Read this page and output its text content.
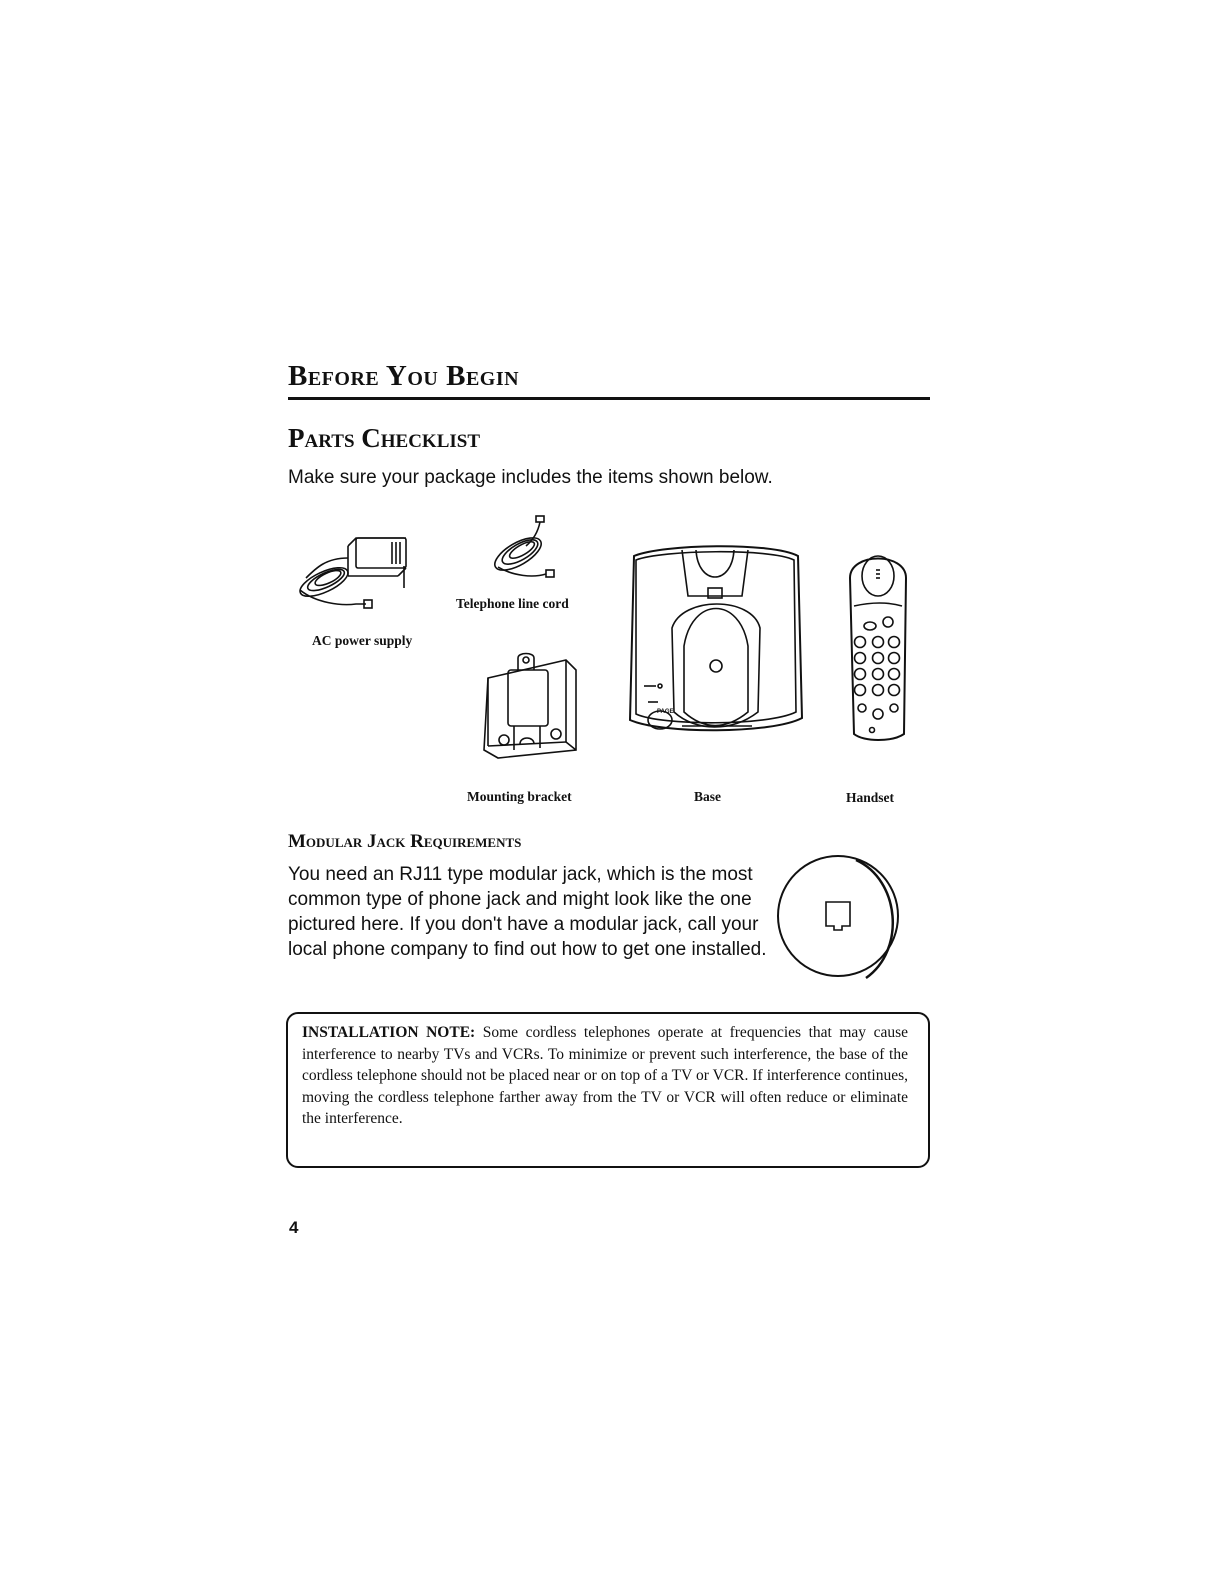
Before You Begin
Parts Checklist
Make sure your package includes the items shown below.
AC power supply
Telephone line cord
Mounting bracket
PAGE
Base	Handset
Modular Jack Requirements
You need an RJ11 type modular jack, which is the most common type of phone jack and might look like the one pictured here. If you don't have a modular jack, call your local phone company to find out how to get one installed.
INSTALLATION NOTE: Some cordless telephones operate at frequencies that may cause interference to nearby TVs and VCRs. To minimize or prevent such interference, the base of the cordless telephone should not be placed near or on top of a TV or VCR. If interference continues, moving the cordless telephone farther away from the TV or VCR will often reduce or eliminate the interference.
4
